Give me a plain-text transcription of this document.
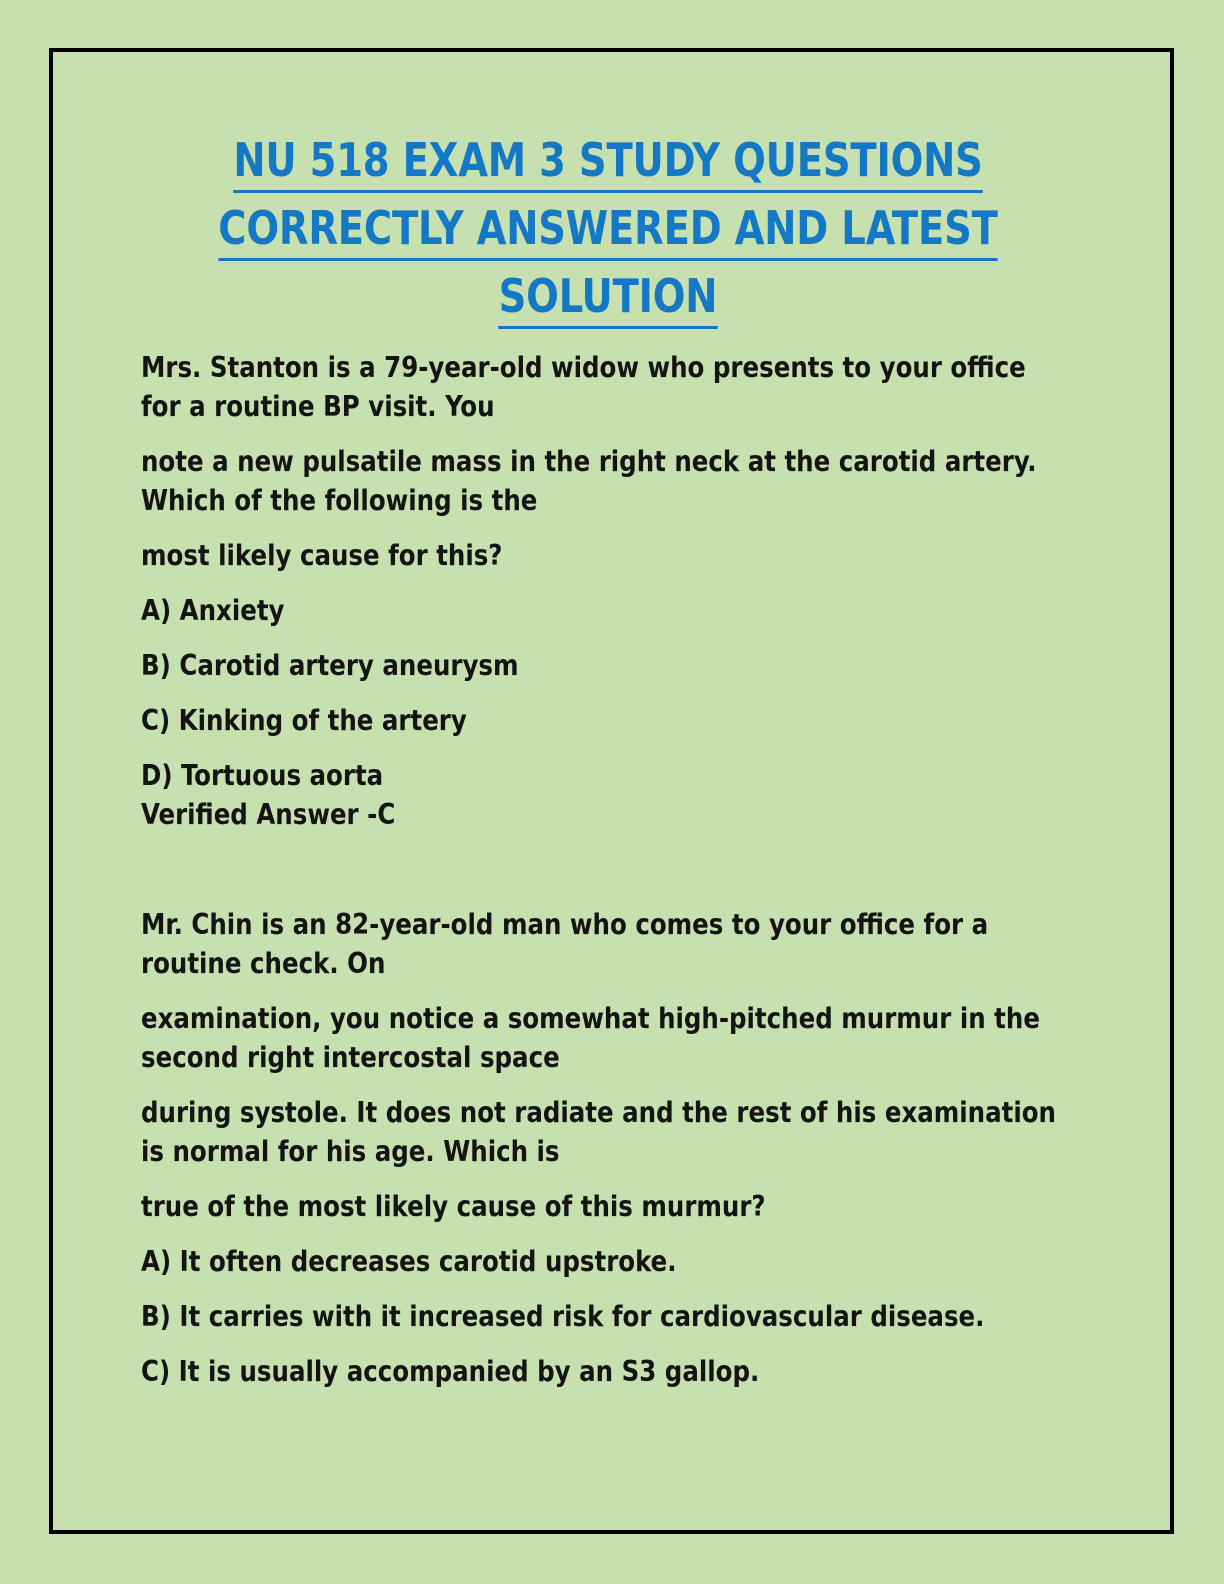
NU 518 EXAM 3 STUDY QUESTIONS
CORRECTLY ANSWERED AND LATEST
SOLUTION

Mrs. Stanton is a 79-year-old widow who presents to your office for a routine BP visit. You

note a new pulsatile mass in the right neck at the carotid artery. Which of the following is the

most likely cause for this?

A) Anxiety

B) Carotid artery aneurysm

C) Kinking of the artery

D) Tortuous aorta

Verified Answer -C

Mr. Chin is an 82-year-old man who comes to your office for a routine check. On

examination, you notice a somewhat high-pitched murmur in the second right intercostal space

during systole. It does not radiate and the rest of his examination is normal for his age. Which is

true of the most likely cause of this murmur?

A) It often decreases carotid upstroke.

B) It carries with it increased risk for cardiovascular disease.

C) It is usually accompanied by an S3 gallop.
